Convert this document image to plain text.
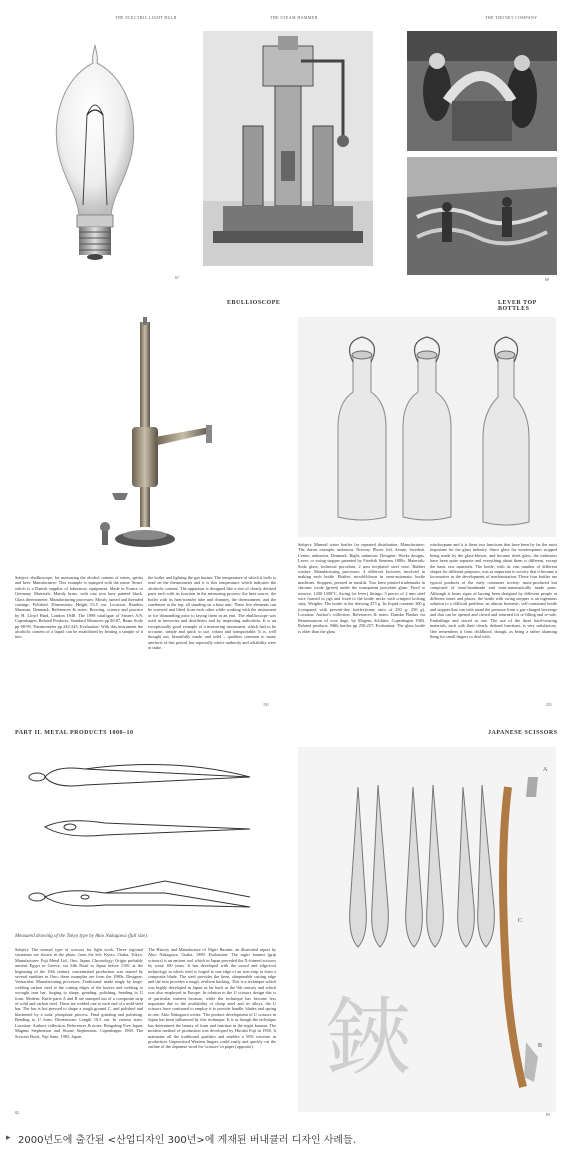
THE ELECTRIC LIGHT BULB
67
THE STEAM HAMMER	THE THONET COMPANY
69
EBULLIOSCOPE
Subject: ebullioscope, for measuring the alcohol content of wines, spirits and beer. Manufacturer: This example is stamped with the name 'Strurs' which is a Danish supplier of laboratory equipment. Made in France or Germany. Materials: Mainly brass, with cast iron base painted black. Glass thermometer. Manufacturing processes: Mostly turned and threaded castings. Polished. Dimensions: Height 55.5 cm. Location: Randers Museum, Denmark. References & notes: Brewing, science and practice by H. Lloyd Hind, London 1948. The 1898 catalogue of Struers A/S, Copenhagen. Related Products: Standard Measures pp 86-87, Beam Scale pp 98-99, Thermometer pp 242-243. Evaluation: With this instrument the alcoholic content of a liquid can be established by heating a sample of it into
the boiler and lighting the gas burner. The temperature at which it boils is read on the thermometer and it is this temperature which indicates the alcoholic content. The apparatus is designed like a tree of clearly defined parts each with its function in the measuring process: the heat source, the boiler with its heat-transfer tube and chimney, the thermometer, and the condenser at the top, all standing on a base unit. These five elements can be screwed and lifted from each other while working with the instrument or for dismantling prior to laying them in an etui. The ebullioscope was used in breweries and distilleries and by inspecting authorities. It is an exceptionally good example of a measuring instrument, which had to be accurate, simple and quick to use, robust and transportable. It is, well thought out, beautifully made, and solid – qualities common to many artefacts of this period, but especially where authority and reliability were at stake.
191
LEVER TOP BOTTLES
Subject: Mineral water bottles for repeated distribution. Manufacturer: The drawn example, unknown. Norway. Photo: left, Aerate, Swedish. Centre, unknown, Denmark. Right, unknown. Designer: Works designs. Lever, or swing stopper patented by Friedrik Siemens 1880s. Materials: Soda glass, technical porcelain, 2 mm tin-plated steel wire. Rubber washer. Manufacturing processes: 4 different factories involved in making each bottle. Bottles: mould-blown in semi-automatic bottle machines. Stoppers, pressed in moulds. Two have printed trademarks in chromic oxide (green) under the transparent porcelain glaze. Fired to remove, 1200-1300°C. Swing (or lever) fittings: 5 pieces of 2 mm steel wire formed in jigs and fixed to the bottle necks with crimped locking strip. Weights: The bottle in the drawing 475 g. Its liquid contents 300 g (compared with present-day bottles)some ratio of 250 g: 250 g). Location: Author's collection. References & notes: Danske Flasker fra Renaessancen til vore dage, by Mogens Schlüter, Copenhagen 1984. Related products: Milk bottles pp 256-257. Evaluation: The glass bottle is older than the glass
windowpane and it is these two functions that have been by far the most important for the glass industry. Since glass for windowpanes stopped being made by the glass-blower, and became sheet glass, the industries have been quite separate and everything about them is different, except the basic raw materials. The bottle, with its vast number of different shapes for different purposes, was as important to society that it became a locomotive in the development of mechanisation. These four bottles are typical products of the early consumer society: mass-produced but composed of semi-handmade and semi-automatically made parts. Although it bears signs of having been designed by different people at different times and places, the bottle with swing stopper is an ingenious solution to a difficult problem: an almost hermetic, self-contained bottle and stopper that can with stand the pressure from a gas-charged beverage and that can be opened and closed and returned for re-filling and re-sale. Embaillage and stored in one. The use of the three hard-wearing materials, each with their clearly defined functions, is very satisfactory. One remembers it from childhood, though, as being a rather alarming thing for small fingers to deal with.
251
PART II. METAL PRODUCTS 1800–10
Measured drawing of the Tokyo type by Akio Nakagawa (full size).
Subject: The normal type of scissors for light work. Three regional variations are shown in the photo, from the left: Kyoto, Osaka, Tokyo. Manufacturer: Fuji Metal Ltd., Ono, Japan. Chronology: Origin probably ancient Egypt or Greece, via Silk Road to Japan before 1100, at the beginning of the 19th century concentrated production was started by several smithies in Ono; these examples are from the 1980s. Designer: Vernacular. Manufacturing processes: Traditional: made singly by forge-welding carbon steel to the cutting edges of the knives and welding to wrought iron bar, forging to shape, grinding, polishing, bending to U form. Modern: Knife parts A and B are stamped out of a composite strip of solid and carbon steel. These are welded one to each end of a mild steel bar. The bar is hot pressed to shape a rough ground C, and polished and blackened by a soda, phosphate process. Final grinding and polishing. Bending to U form. Dimensions: Length 10.5 cm. In various sizes. Location: Authors collection. References & notes: Bengalrng Free Japan, Magnus Stephenson and Sisone Stephenson, Copenhagen 1969. The Scissors Book, Yuji Sano, 1983, Japan.
The History and Manufacture of Nigiri Basami, an illustrated report by Akio Nakagawa, Osaka, 1989. Evaluation: The nigiri basami (grip scissors) is an ancient tool which in Japan preceded the X-formed scissors by some 100 years. It has developed with the sword and edge-tool technology in which steel is forged to one edge of an iron strip to form a composite blade. The steel provides the keen, sharpenable cutting edge and the iron provides a tough, resilient backing. This is a technique which was highly developed in Japan as far back as the 9th century and which was also employed in Europe. In relation to the U scissors design this is of particular interest because, while the technique has become less important due to the availability of cheap steel and its alloys, the U scissors have continued to employ it to provide handle, blades and spring in one. Akio Nakagawa writes: 'The product development of U scissors in Japan has been influenced by this technique. It is as though the technique has determined the beauty of form and function in the nigiri basami. The modern method of production was developed by Hiroshi Fuji in 1950. It maintains all the traditional qualities and enables a 50% increase in production. Unpractised Western fingers could easily and quickly cut the outline of the Japanese word for 'scissors' in paper (opposite).
82
JAPANESE SCISSORS
鋏
A
C
B
83
▸ 2000년도에 출간된 <산업디자인 300년>에 게재된 버내큘러 디자인 사례들.
